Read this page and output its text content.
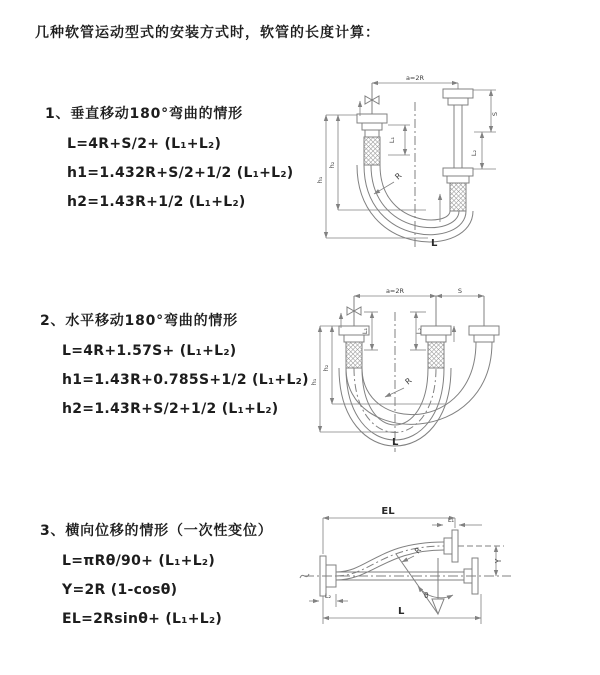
几种软管运动型式的安装方式时，软管的长度计算：
1、垂直移动180°弯曲的情形
L=4R+S/2+ (L₁+L₂)
h1=1.432R+S/2+1/2 (L₁+L₂)
h2=1.43R+1/2 (L₁+L₂)
2、水平移动180°弯曲的情形
L=4R+1.57S+ (L₁+L₂)
h1=1.43R+0.785S+1/2 (L₁+L₂)
h2=1.43R+S/2+1/2 (L₁+L₂)
3、横向位移的情形（一次性变位）
L=πRθ/90+ (L₁+L₂)
Y=2R (1-cosθ)
EL=2Rsinθ+ (L₁+L₂)
a=2R
S
L₂
h₁
h₂
L₁
R
L
a=2R	S
h₁
h₂
L₁	L₂
R
L
EL
L₁
Y
R
θ
L₂
L
